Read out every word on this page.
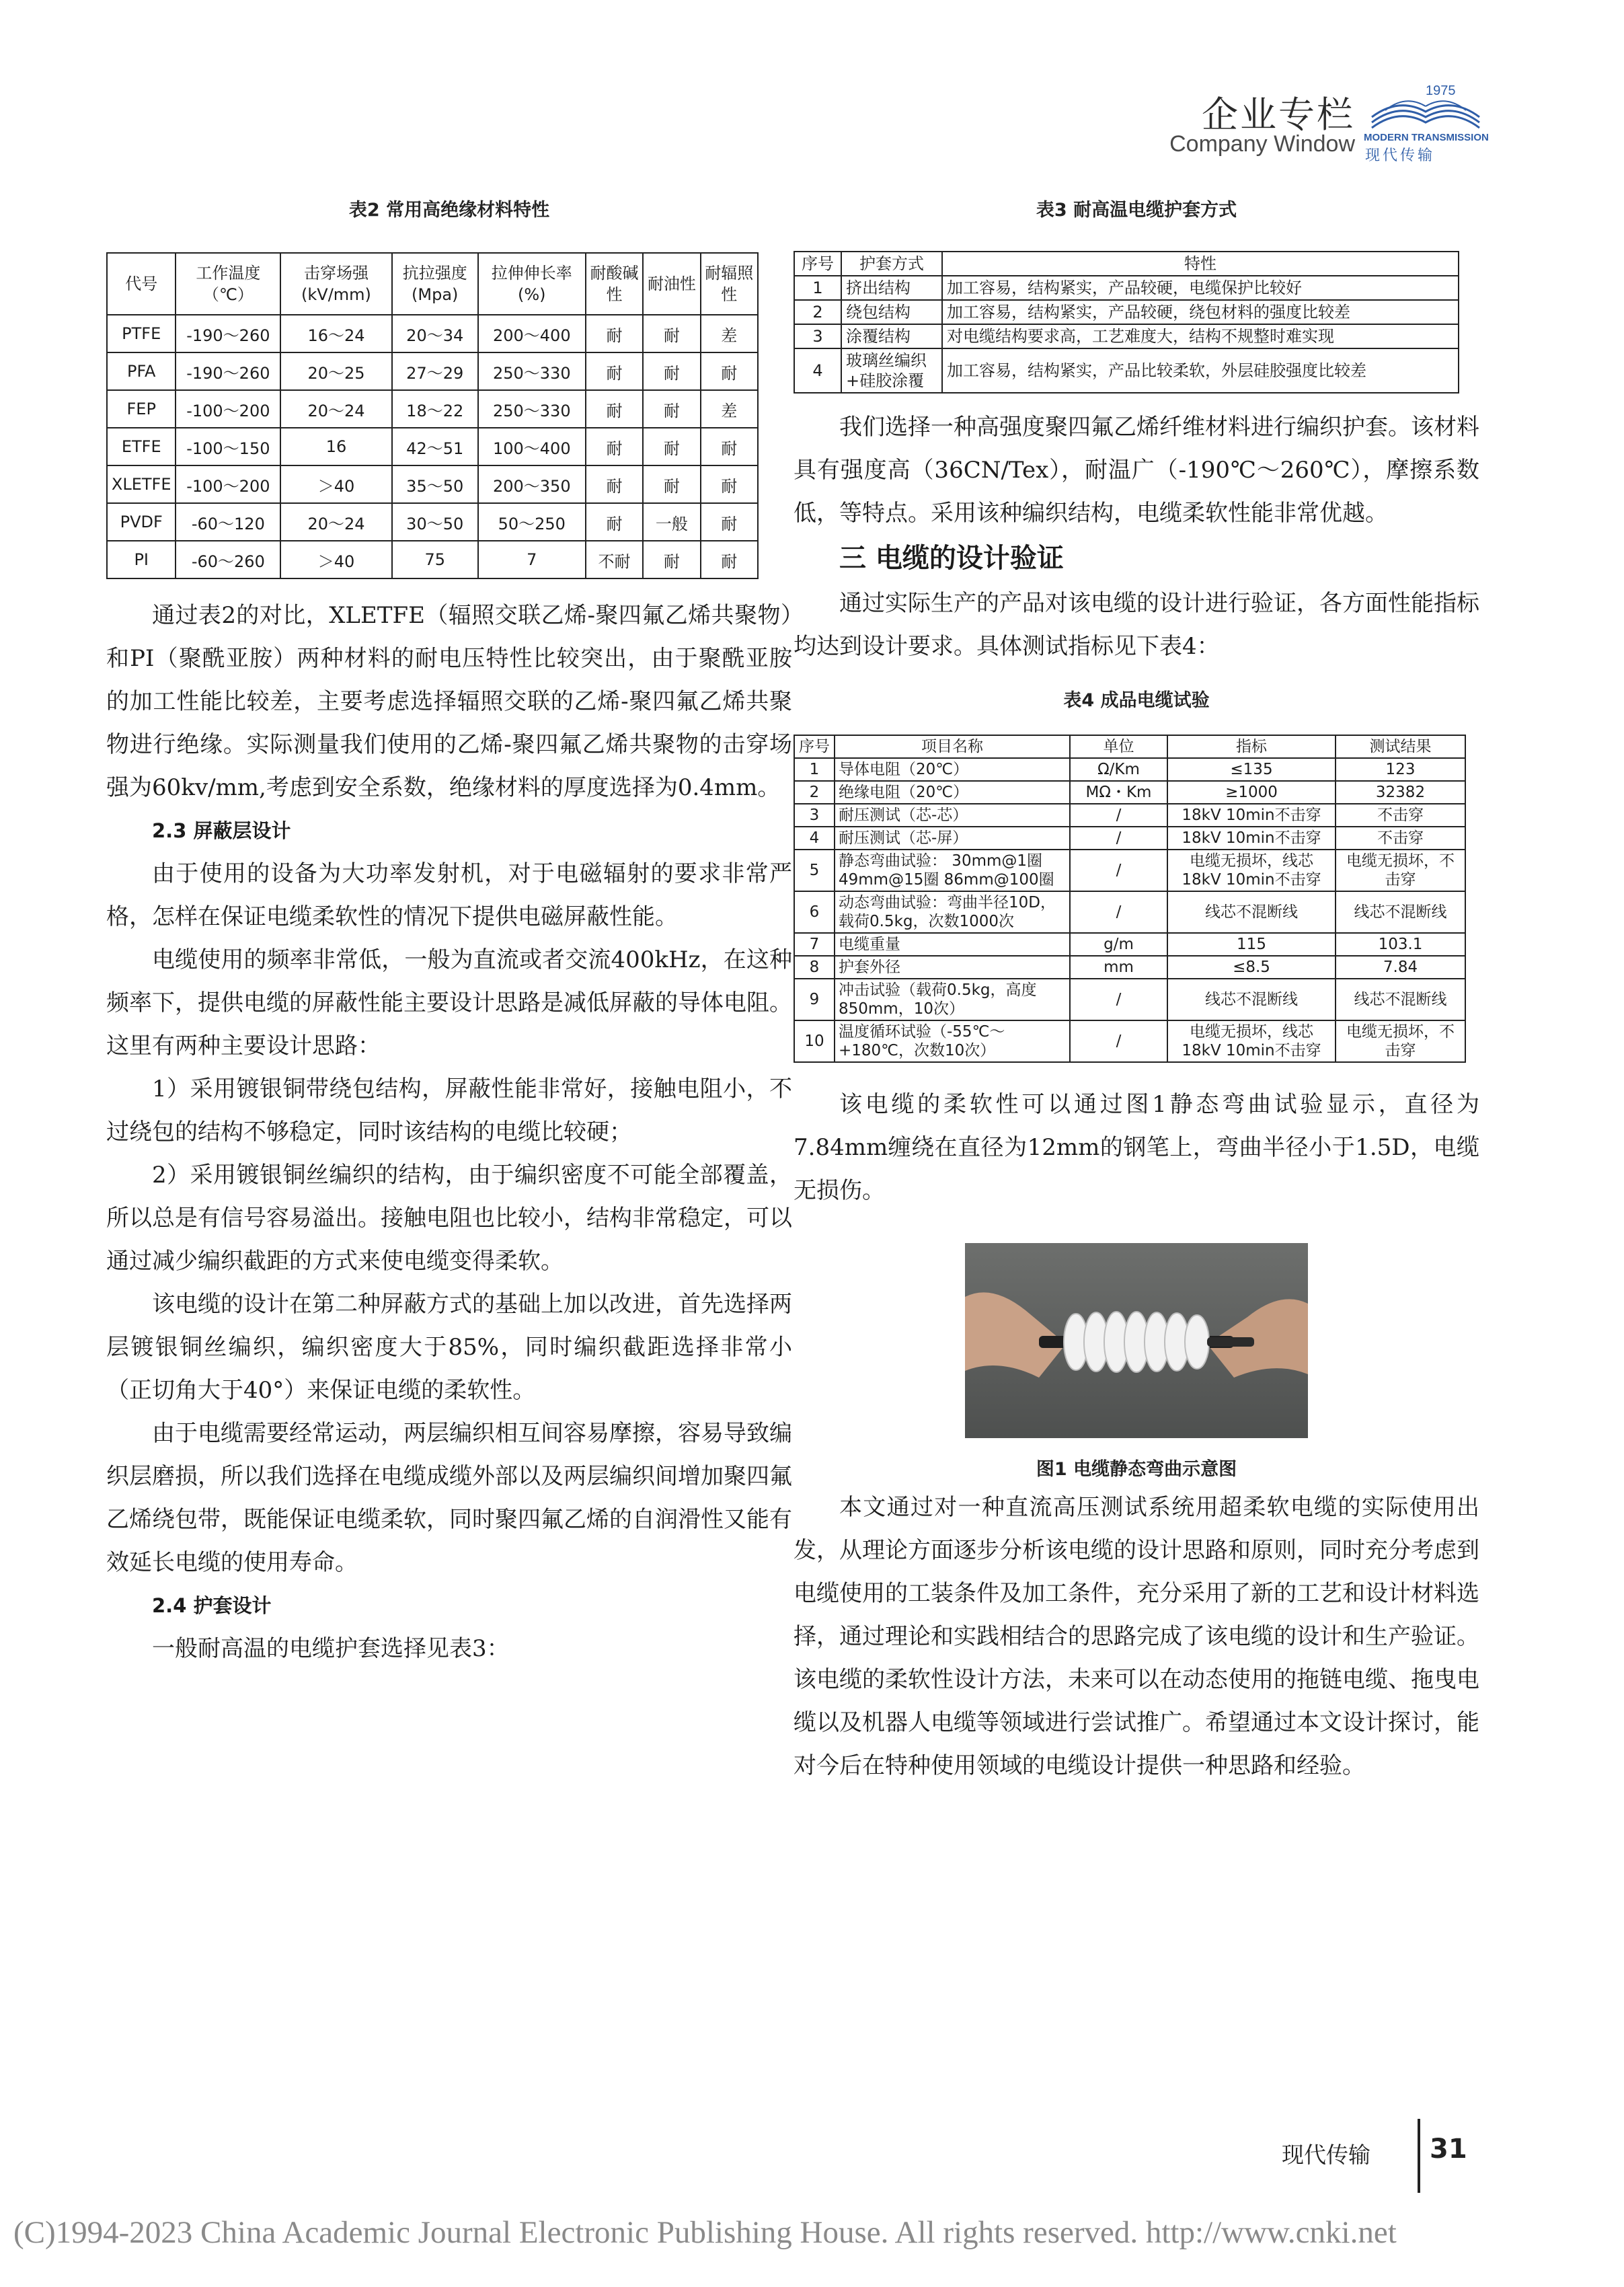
企业专栏
Company Window
1975
MODERN TRANSMISSION
现代传输
表2 常用高绝缘材料特性
代号	工作温度（℃）	击穿场强(kV/mm)	抗拉强度(Mpa)	拉伸伸长率(%)	耐酸碱性	耐油性	耐辐照性
PTFE	-190～260	16～24	20～34	200～400	耐	耐	差
PFA	-190～260	20～25	27～29	250～330	耐	耐	耐
FEP	-100～200	20～24	18～22	250～330	耐	耐	差
ETFE	-100～150	16	42～51	100～400	耐	耐	耐
XLETFE	-100～200	＞40	35～50	200～350	耐	耐	耐
PVDF	-60～120	20～24	30～50	50～250	耐	一般	耐
PI	-60～260	＞40	75	7	不耐	耐	耐

通过表2的对比，XLETFE（辐照交联乙烯-聚四氟乙烯共聚物）和PI（聚酰亚胺）两种材料的耐电压特性比较突出，由于聚酰亚胺的加工性能比较差，主要考虑选择辐照交联的乙烯-聚四氟乙烯共聚物进行绝缘。实际测量我们使用的乙烯-聚四氟乙烯共聚物的击穿场强为60kv/mm,考虑到安全系数，绝缘材料的厚度选择为0.4mm。

2.3 屏蔽层设计

由于使用的设备为大功率发射机，对于电磁辐射的要求非常严格，怎样在保证电缆柔软性的情况下提供电磁屏蔽性能。

电缆使用的频率非常低，一般为直流或者交流400kHz，在这种频率下，提供电缆的屏蔽性能主要设计思路是减低屏蔽的导体电阻。这里有两种主要设计思路：

1）采用镀银铜带绕包结构，屏蔽性能非常好，接触电阻小，不过绕包的结构不够稳定，同时该结构的电缆比较硬；

2）采用镀银铜丝编织的结构，由于编织密度不可能全部覆盖，所以总是有信号容易溢出。接触电阻也比较小，结构非常稳定，可以通过减少编织截距的方式来使电缆变得柔软。

该电缆的设计在第二种屏蔽方式的基础上加以改进，首先选择两层镀银铜丝编织，编织密度大于85%，同时编织截距选择非常小（正切角大于40°）来保证电缆的柔软性。

由于电缆需要经常运动，两层编织相互间容易摩擦，容易导致编织层磨损，所以我们选择在电缆成缆外部以及两层编织间增加聚四氟乙烯绕包带，既能保证电缆柔软，同时聚四氟乙烯的自润滑性又能有效延长电缆的使用寿命。

2.4 护套设计

一般耐高温的电缆护套选择见表3：

表3 耐高温电缆护套方式
序号	护套方式	特性
1	挤出结构	加工容易，结构紧实，产品较硬，电缆保护比较好
2	绕包结构	加工容易，结构紧实，产品较硬，绕包材料的强度比较差
3	涂覆结构	对电缆结构要求高，工艺难度大，结构不规整时难实现
4	玻璃丝编织+硅胶涂覆	加工容易，结构紧实，产品比较柔软，外层硅胶强度比较差

我们选择一种高强度聚四氟乙烯纤维材料进行编织护套。该材料具有强度高（36CN/Tex），耐温广（-190℃～260℃），摩擦系数低，等特点。采用该种编织结构，电缆柔软性能非常优越。

三 电缆的设计验证

通过实际生产的产品对该电缆的设计进行验证，各方面性能指标均达到设计要求。具体测试指标见下表4：

表4 成品电缆试验
序号	项目名称	单位	指标	测试结果
1	导体电阻（20℃）	Ω/Km	≤135	123
2	绝缘电阻（20℃）	MΩ・Km	≥1000	32382
3	耐压测试（芯-芯）	/	18kV 10min不击穿	不击穿
4	耐压测试（芯-屏）	/	18kV 10min不击穿	不击穿
5	静态弯曲试验： 30mm@1圈 49mm@15圈 86mm@100圈	/	电缆无损坏，线芯18kV 10min不击穿	电缆无损坏，不击穿
6	动态弯曲试验：弯曲半径10D，载荷0.5kg，次数1000次	/	线芯不混断线	线芯不混断线
7	电缆重量	g/m	115	103.1
8	护套外径	mm	≤8.5	7.84
9	冲击试验（载荷0.5kg，高度850mm，10次）	/	线芯不混断线	线芯不混断线
10	温度循环试验（-55℃～+180℃，次数10次）	/	电缆无损坏，线芯18kV 10min不击穿	电缆无损坏，不击穿

该电缆的柔软性可以通过图1静态弯曲试验显示，直径为7.84mm缠绕在直径为12mm的钢笔上，弯曲半径小于1.5D，电缆无损伤。

图1 电缆静态弯曲示意图

本文通过对一种直流高压测试系统用超柔软电缆的实际使用出发，从理论方面逐步分析该电缆的设计思路和原则，同时充分考虑到电缆使用的工装条件及加工条件，充分采用了新的工艺和设计材料选择，通过理论和实践相结合的思路完成了该电缆的设计和生产验证。该电缆的柔软性设计方法，未来可以在动态使用的拖链电缆、拖曳电缆以及机器人电缆等领域进行尝试推广。希望通过本文设计探讨，能对今后在特种使用领域的电缆设计提供一种思路和经验。

现代传输 31
(C)1994-2023 China Academic Journal Electronic Publishing House. All rights reserved. http://www.cnki.net
